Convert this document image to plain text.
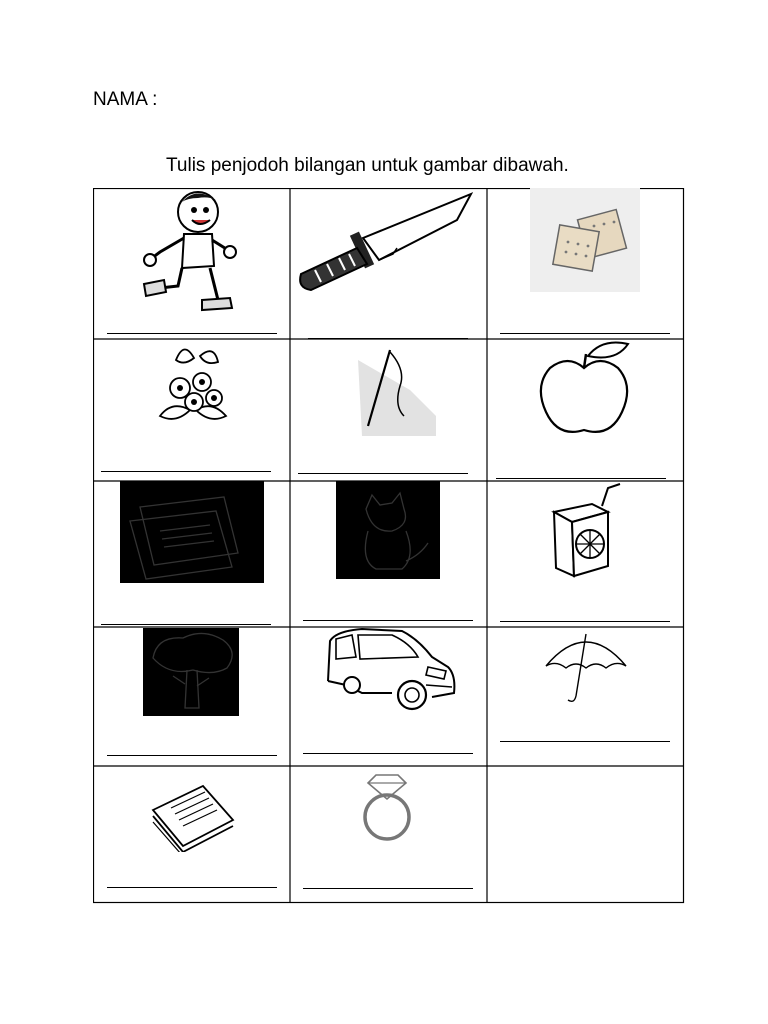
NAMA :
Tulis penjodoh bilangan untuk gambar dibawah.
